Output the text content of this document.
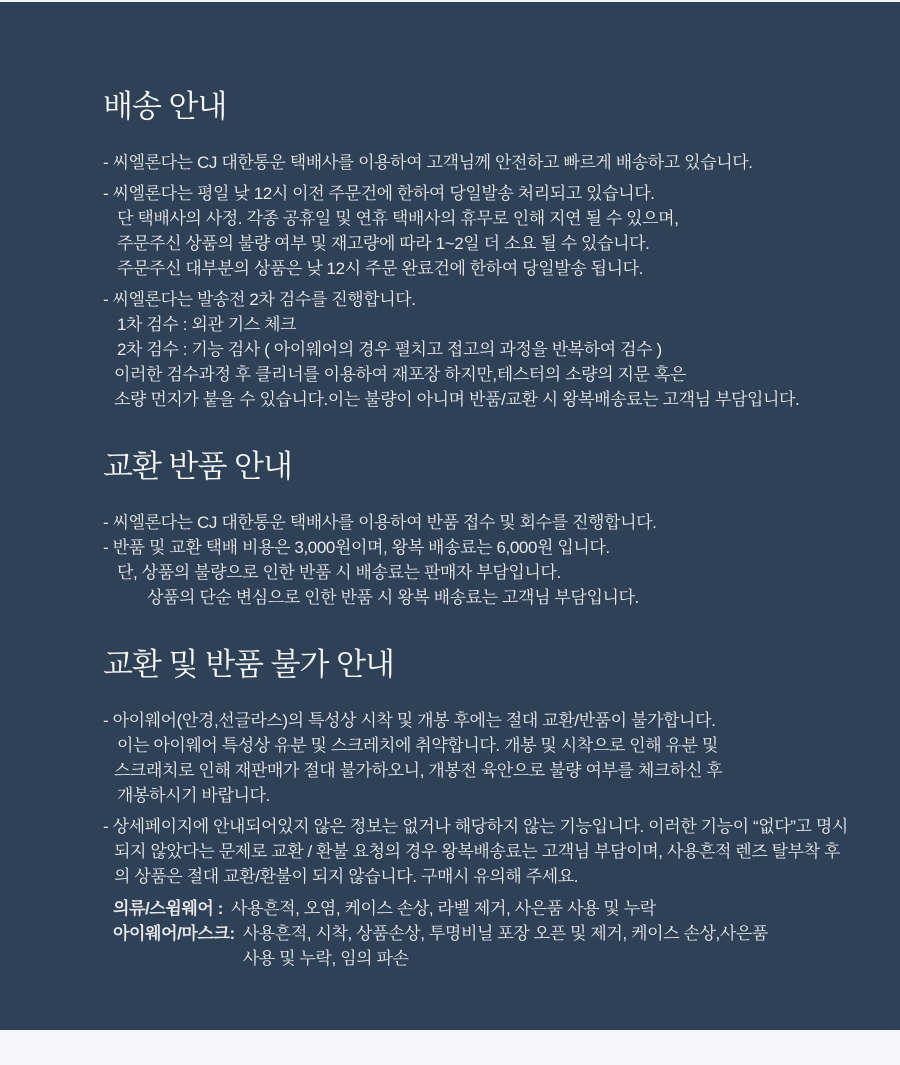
배송 안내

- 씨엘론다는 CJ 대한통운 택배사를 이용하여 고객님께 안전하고 빠르게 배송하고 있습니다.

- 씨엘론다는 평일 낮 12시 이전 주문건에 한하여 당일발송 처리되고 있습니다.

단 택배사의 사정. 각종 공휴일 및 연휴 택배사의 휴무로 인해 지연 될 수 있으며,

주문주신 상품의 불량 여부 및 재고량에 따라 1~2일 더 소요 될 수 있습니다.

주문주신 대부분의 상품은 낮 12시 주문 완료건에 한하여 당일발송 됩니다.

- 씨엘론다는 발송전 2차 검수를 진행합니다.

1차 검수 : 외관 기스 체크

2차 검수 : 기능 검사 ( 아이웨어의 경우 펼치고 접고의 과정을 반복하여 검수 )

이러한 검수과정 후 클리너를 이용하여 재포장 하지만,테스터의 소량의 지문 혹은

소량 먼지가 붙을 수 있습니다.이는 불량이 아니며 반품/교환 시 왕복배송료는 고객님 부담입니다.

교환 반품 안내

- 씨엘론다는 CJ 대한통운 택배사를 이용하여 반품 접수 및 회수를 진행합니다.

- 반품 및 교환 택배 비용은 3,000원이며, 왕복 배송료는 6,000원 입니다.

단, 상품의 불량으로 인한 반품 시 배송료는 판매자 부담입니다.

상품의 단순 변심으로 인한 반품 시 왕복 배송료는 고객님 부담입니다.

교환 및 반품 불가 안내

- 아이웨어(안경,선글라스)의 특성상 시착 및 개봉 후에는 절대 교환/반품이 불가합니다.

이는 아이웨어 특성상 유분 및 스크레치에 취약합니다. 개봉 및 시착으로 인해 유분 및

스크래치로 인해 재판매가 절대 불가하오니, 개봉전 육안으로 불량 여부를 체크하신 후

개봉하시기 바랍니다.

- 상세페이지에 안내되어있지 않은 정보는 없거나 해당하지 않는 기능입니다. 이러한 기능이 “없다”고 명시

되지 않았다는 문제로 교환 / 환불 요청의 경우 왕복배송료는 고객님 부담이며, 사용흔적 렌즈 탈부착 후

의 상품은 절대 교환/환불이 되지 않습니다. 구매시 유의해 주세요.

의류/스윔웨어 : 사용흔적, 오염, 케이스 손상, 라벨 제거, 사은품 사용 및 누락
아이웨어/마스크: 사용흔적, 시착, 상품손상, 투명비닐 포장 오픈 및 제거, 케이스 손상,사은품
사용 및 누락, 임의 파손
